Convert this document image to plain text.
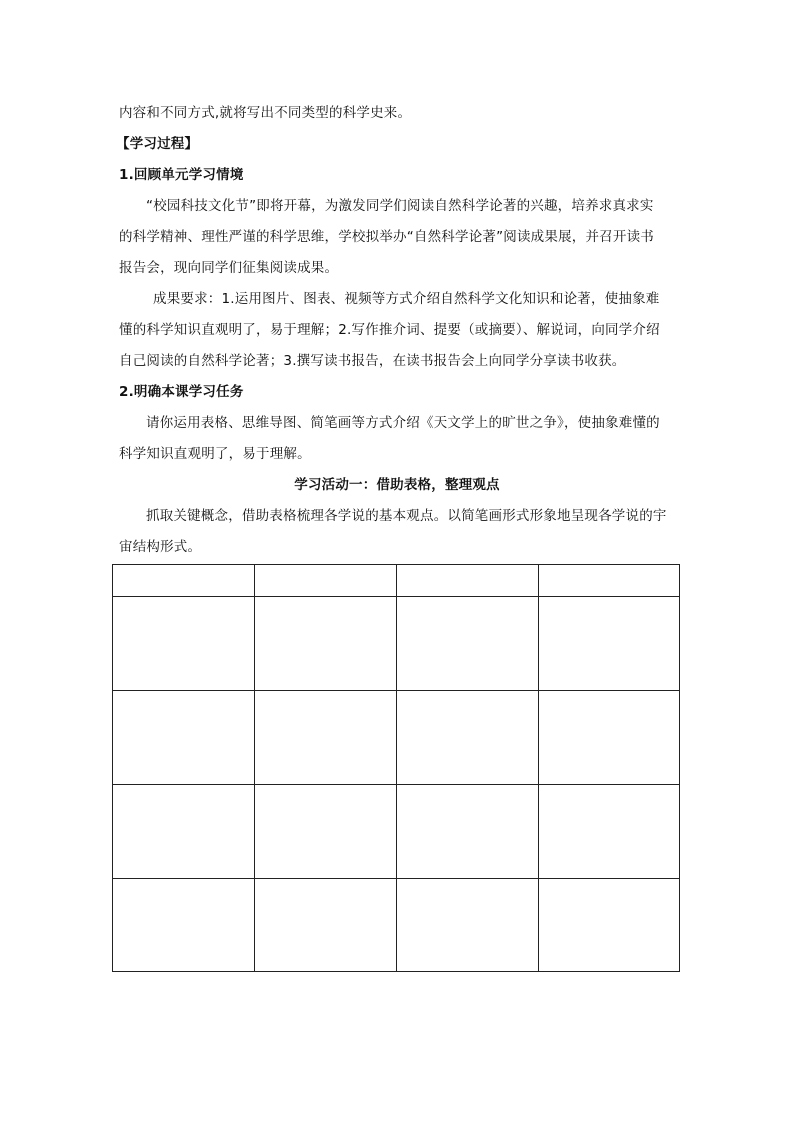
内容和不同方式,就将写出不同类型的科学史来。
【学习过程】
1.回顾单元学习情境
“校园科技文化节”即将开幕，为激发同学们阅读自然科学论著的兴趣，培养求真求实
的科学精神、理性严谨的科学思维，学校拟举办“自然科学论著”阅读成果展，并召开读书
报告会，现向同学们征集阅读成果。
成果要求：1.运用图片、图表、视频等方式介绍自然科学文化知识和论著，使抽象难
懂的科学知识直观明了，易于理解；2.写作推介词、提要（或摘要）、解说词，向同学介绍
自己阅读的自然科学论著；3.撰写读书报告，在读书报告会上向同学分享读书收获。
2.明确本课学习任务
请你运用表格、思维导图、简笔画等方式介绍《天文学上的旷世之争》，使抽象难懂的
科学知识直观明了，易于理解。
学习活动一：借助表格，整理观点
抓取关键概念，借助表格梳理各学说的基本观点。以简笔画形式形象地呈现各学说的宇
宙结构形式。
